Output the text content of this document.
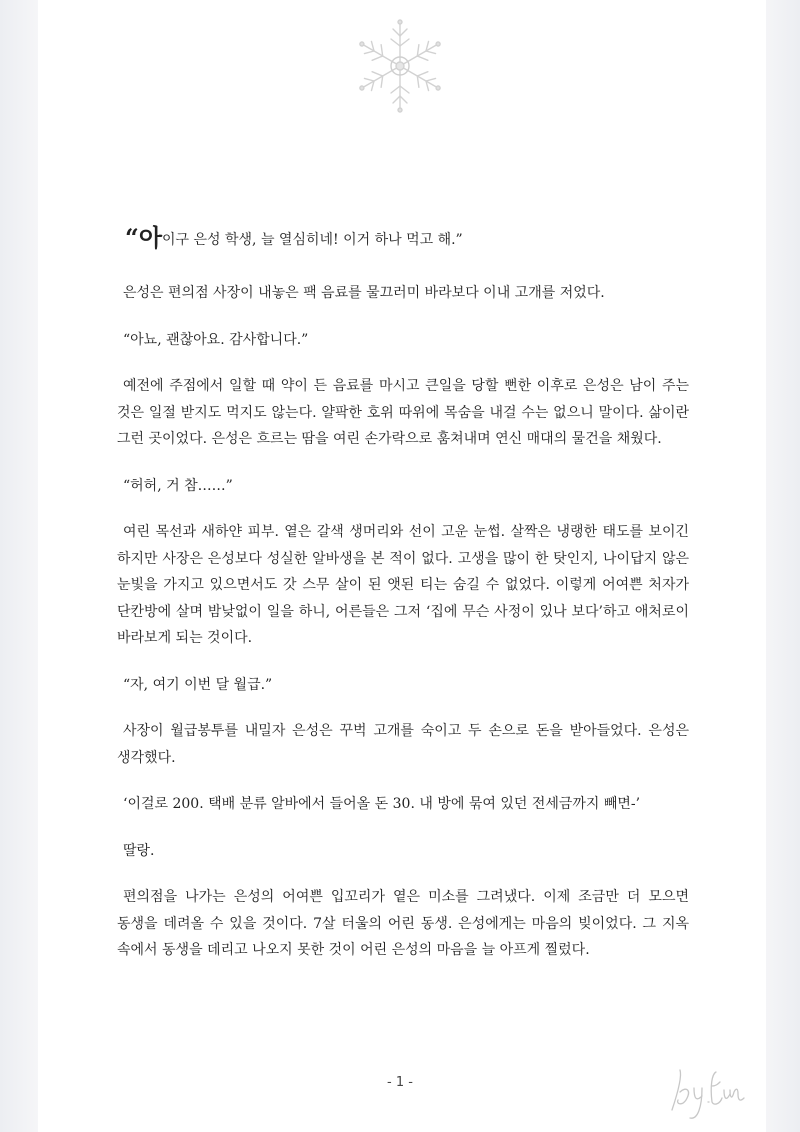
“아이구 은성 학생, 늘 열심히네! 이거 하나 먹고 해.”

은성은 편의점 사장이 내놓은 팩 음료를 물끄러미 바라보다 이내 고개를 저었다.

“아뇨, 괜찮아요. 감사합니다.”

예전에 주점에서 일할 때 약이 든 음료를 마시고 큰일을 당할 뻔한 이후로 은성은 남이 주는 것은 일절 받지도 먹지도 않는다. 얄팍한 호위 따위에 목숨을 내걸 수는 없으니 말이다. 삶이란 그런 곳이었다. 은성은 흐르는 땀을 여린 손가락으로 훔쳐내며 연신 매대의 물건을 채웠다.

“허허, 거 참……”

여린 목선과 새하얀 피부. 옅은 갈색 생머리와 선이 고운 눈썹. 살짝은 냉랭한 태도를 보이긴 하지만 사장은 은성보다 성실한 알바생을 본 적이 없다. 고생을 많이 한 탓인지, 나이답지 않은 눈빛을 가지고 있으면서도 갓 스무 살이 된 앳된 티는 숨길 수 없었다. 이렇게 어여쁜 처자가 단칸방에 살며 밤낮없이 일을 하니, 어른들은 그저 ‘집에 무슨 사정이 있나 보다’하고 애처로이 바라보게 되는 것이다.

“자, 여기 이번 달 월급.”

사장이 월급봉투를 내밀자 은성은 꾸벅 고개를 숙이고 두 손으로 돈을 받아들었다. 은성은 생각했다.

‘이걸로 200. 택배 분류 알바에서 들어올 돈 30. 내 방에 묶여 있던 전세금까지 빼면-’

딸랑.

편의점을 나가는 은성의 어여쁜 입꼬리가 옅은 미소를 그려냈다. 이제 조금만 더 모으면 동생을 데려올 수 있을 것이다. 7살 터울의 어린 동생. 은성에게는 마음의 빚이었다. 그 지옥 속에서 동생을 데리고 나오지 못한 것이 어린 은성의 마음을 늘 아프게 찔렀다.

- 1 -
